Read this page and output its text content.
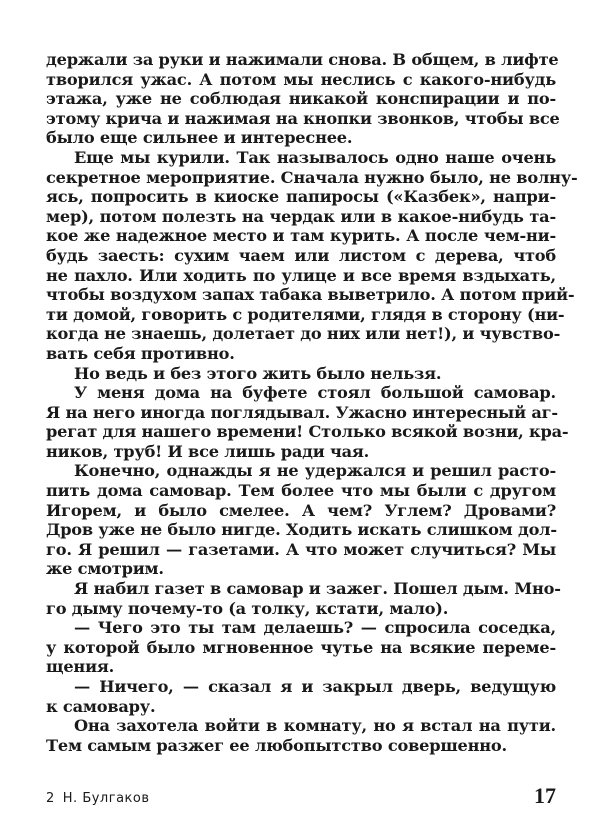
держали за руки и нажимали снова. В общем, в лифте
творился ужас. А потом мы неслись с какого-нибудь
этажа, уже не соблюдая никакой конспирации и по-
этому крича и нажимая на кнопки звонков, чтобы все
было еще сильнее и интереснее.
Еще мы курили. Так называлось одно наше очень
секретное мероприятие. Сначала нужно было, не волну-
ясь, попросить в киоске папиросы («Казбек», напри-
мер), потом полезть на чердак или в какое-нибудь та-
кое же надежное место и там курить. А после чем-ни-
будь заесть: сухим чаем или листом с дерева, чтоб
не пахло. Или ходить по улице и все время вздыхать,
чтобы воздухом запах табака выветрило. А потом прий-
ти домой, говорить с родителями, глядя в сторону (ни-
когда не знаешь, долетает до них или нет!), и чувство-
вать себя противно.
Но ведь и без этого жить было нельзя.
У меня дома на буфете стоял большой самовар.
Я на него иногда поглядывал. Ужасно интересный аг-
регат для нашего времени! Столько всякой возни, кра-
ников, труб! И все лишь ради чая.
Конечно, однажды я не удержался и решил расто-
пить дома самовар. Тем более что мы были с другом
Игорем, и было смелее. А чем? Углем? Дровами?
Дров уже не было нигде. Ходить искать слишком дол-
го. Я решил — газетами. А что может случиться? Мы
же смотрим.
Я набил газет в самовар и зажег. Пошел дым. Мно-
го дыму почему-то (а толку, кстати, мало).
— Чего это ты там делаешь? — спросила соседка,
у которой было мгновенное чутье на всякие переме-
щения.
— Ничего, — сказал я и закрыл дверь, ведущую
к самовару.
Она захотела войти в комнату, но я встал на пути.
Тем самым разжег ее любопытство совершенно.
2 Н. Булгаков	17
